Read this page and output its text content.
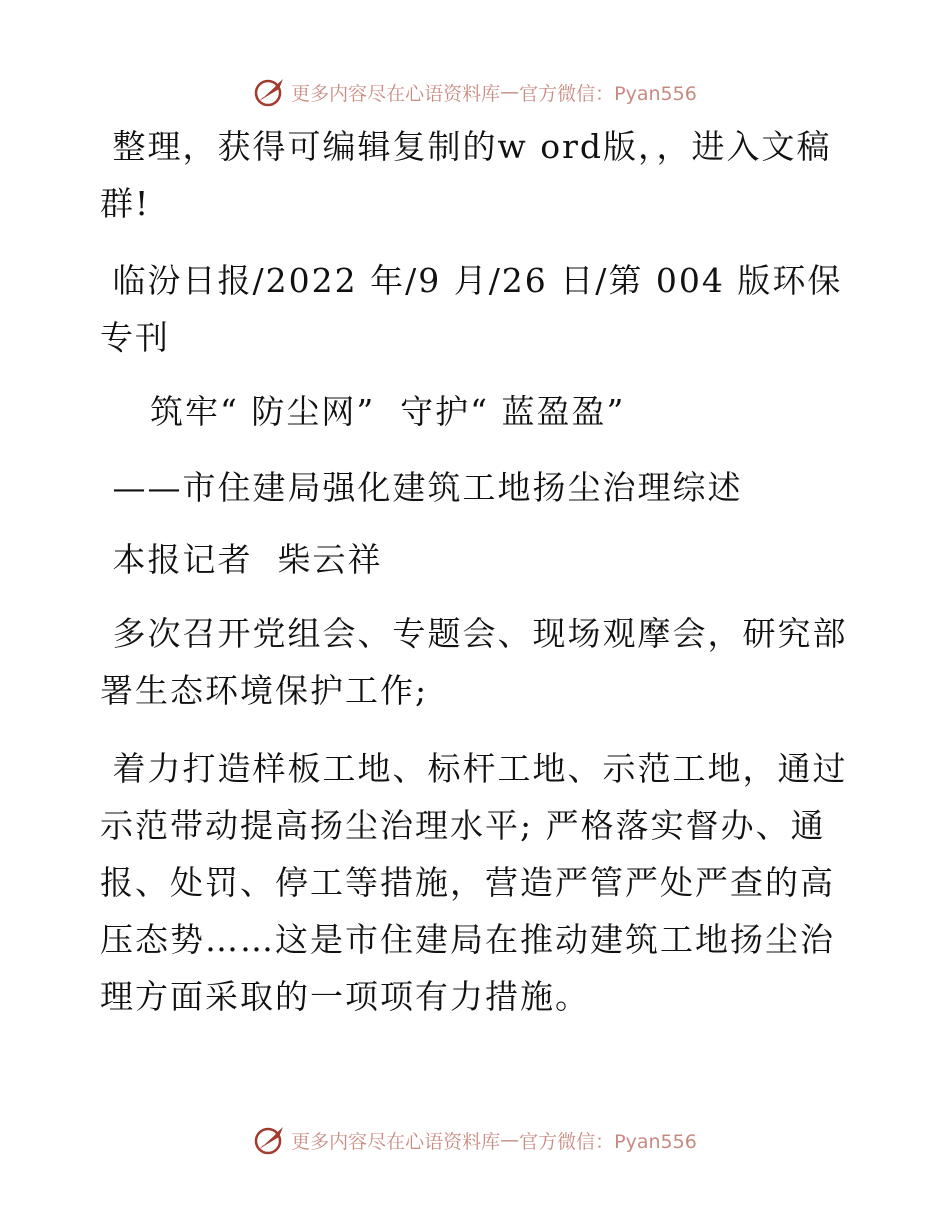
更多内容尽在心语资料库 — 官方微信：Pyan556

整理，获得可编辑复制的w ord版，，进入文稿群!

临汾日报/2022 年/9 月/26 日/第 004 版环保专刊

筑牢“ 防尘网”  守护“ 蓝盈盈”

——市住建局强化建筑工地扬尘治理综述

本报记者  柴云祥

多次召开党组会、专题会、现场观摩会，研究部署生态环境保护工作;

着力打造样板工地、标杆工地、示范工地，通过示范带动提高扬尘治理水平; 严格落实督办、通报、处罚、停工等措施，营造严管严处严查的高压态势……这是市住建局在推动建筑工地扬尘治理方面采取的一项项有力措施。

更多内容尽在心语资料库 — 官方微信：Pyan556
